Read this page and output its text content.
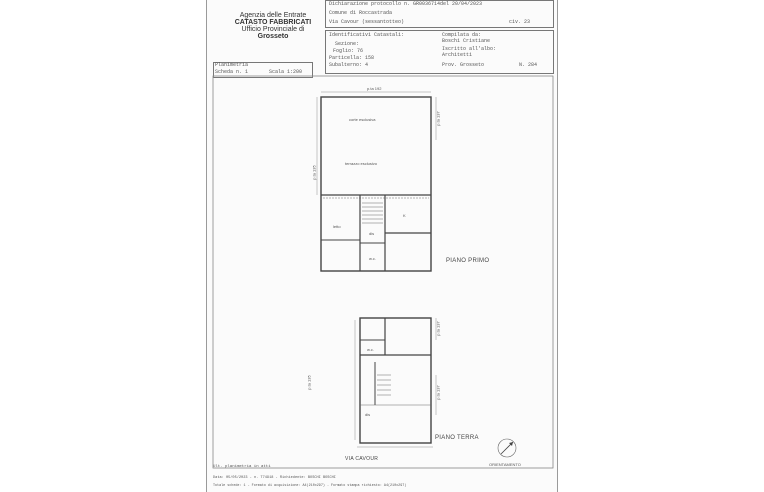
Agenzia delle Entrate
CATASTO FABBRICATI
Ufficio Provinciale di
Grosseto
Dichiarazione protocollo n. GR0036714del 20/04/2023
Comune di Roccastrada
Via Cavour (sessantotteo)	civ. 23
Identificativi Catastali:
Sezione:
Foglio: 76
Particella: 158
Subalterno: 4
Compilata da:
Boschi Cristiane
Iscritto all'albo:
Architetti
Prov. Grosseto	N. 284
Planimetria
Scheda n. 1	Scala 1:200
p.ta 192
p.ta 137
p.ta 135
corte esclusiva
terrazzo esclusivo
letto
K
dis
w.c.	PIANO PRIMO
p.ta 137
p.ta 137
p.ta 135
dis
w.c.
PIANO TERRA
VIA CAVOUR
ORIENTAMENTO
Ult. planimetria in atti
Data: 05/05/2023 - n. T74918 - Richiedente: BOSCHI BOSCHI
Totale schede: 1 - Formato di acquisizione: A4(210x297) - Formato stampa richiesto: A4(210x297)
